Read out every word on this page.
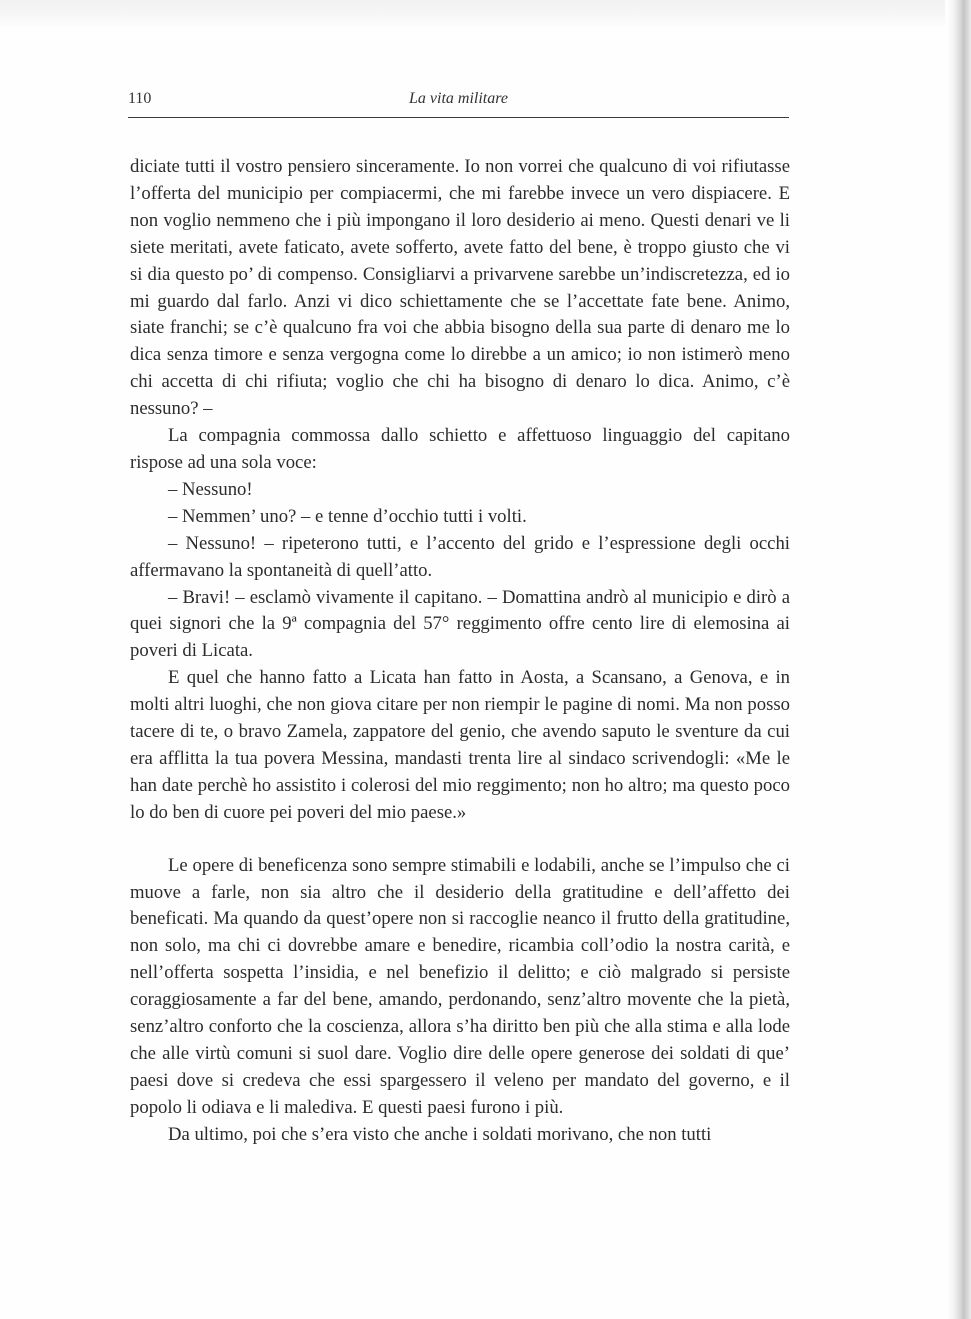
110	La vita militare

diciate tutti il vostro pensiero sinceramente. Io non vorrei che qualcuno di voi rifiutasse l’offerta del municipio per compiacermi, che mi farebbe invece un vero dispiacere. E non voglio nemmeno che i più impongano il loro desiderio ai meno. Questi denari ve li siete meritati, avete faticato, avete sofferto, avete fatto del bene, è troppo giusto che vi si dia questo po’ di compenso. Consigliarvi a privarvene sarebbe un’indiscretezza, ed io mi guardo dal farlo. Anzi vi dico schiettamente che se l’accettate fate bene. Animo, siate franchi; se c’è qualcuno fra voi che abbia bisogno della sua parte di denaro me lo dica senza timore e senza vergogna come lo direbbe a un amico; io non istimerò meno chi accetta di chi rifiuta; voglio che chi ha bisogno di denaro lo dica. Animo, c’è nessuno? –

La compagnia commossa dallo schietto e affettuoso linguaggio del capitano rispose ad una sola voce:

– Nessuno!

– Nemmen’ uno? – e tenne d’occhio tutti i volti.

– Nessuno! – ripeterono tutti, e l’accento del grido e l’espressione degli occhi affermavano la spontaneità di quell’atto.

– Bravi! – esclamò vivamente il capitano. – Domattina andrò al municipio e dirò a quei signori che la 9ª compagnia del 57° reggimento offre cento lire di elemosina ai poveri di Licata.

E quel che hanno fatto a Licata han fatto in Aosta, a Scansano, a Genova, e in molti altri luoghi, che non giova citare per non riempir le pagine di nomi. Ma non posso tacere di te, o bravo Zamela, zappatore del genio, che avendo saputo le sventure da cui era afflitta la tua povera Messina, mandasti trenta lire al sindaco scrivendogli: «Me le han date perchè ho assistito i colerosi del mio reggimento; non ho altro; ma questo poco lo do ben di cuore pei poveri del mio paese.»

Le opere di beneficenza sono sempre stimabili e lodabili, anche se l’impulso che ci muove a farle, non sia altro che il desiderio della gratitudine e dell’affetto dei beneficati. Ma quando da quest’opere non si raccoglie neanco il frutto della gratitudine, non solo, ma chi ci dovrebbe amare e benedire, ricambia coll’odio la nostra carità, e nell’offerta sospetta l’insidia, e nel benefizio il delitto; e ciò malgrado si persiste coraggiosamente a far del bene, amando, perdonando, senz’altro movente che la pietà, senz’altro conforto che la coscienza, allora s’ha diritto ben più che alla stima e alla lode che alle virtù comuni si suol dare. Voglio dire delle opere generose dei soldati di que’ paesi dove si credeva che essi spargessero il veleno per mandato del governo, e il popolo li odiava e li malediva. E questi paesi furono i più.

Da ultimo, poi che s’era visto che anche i soldati morivano, che non tutti
